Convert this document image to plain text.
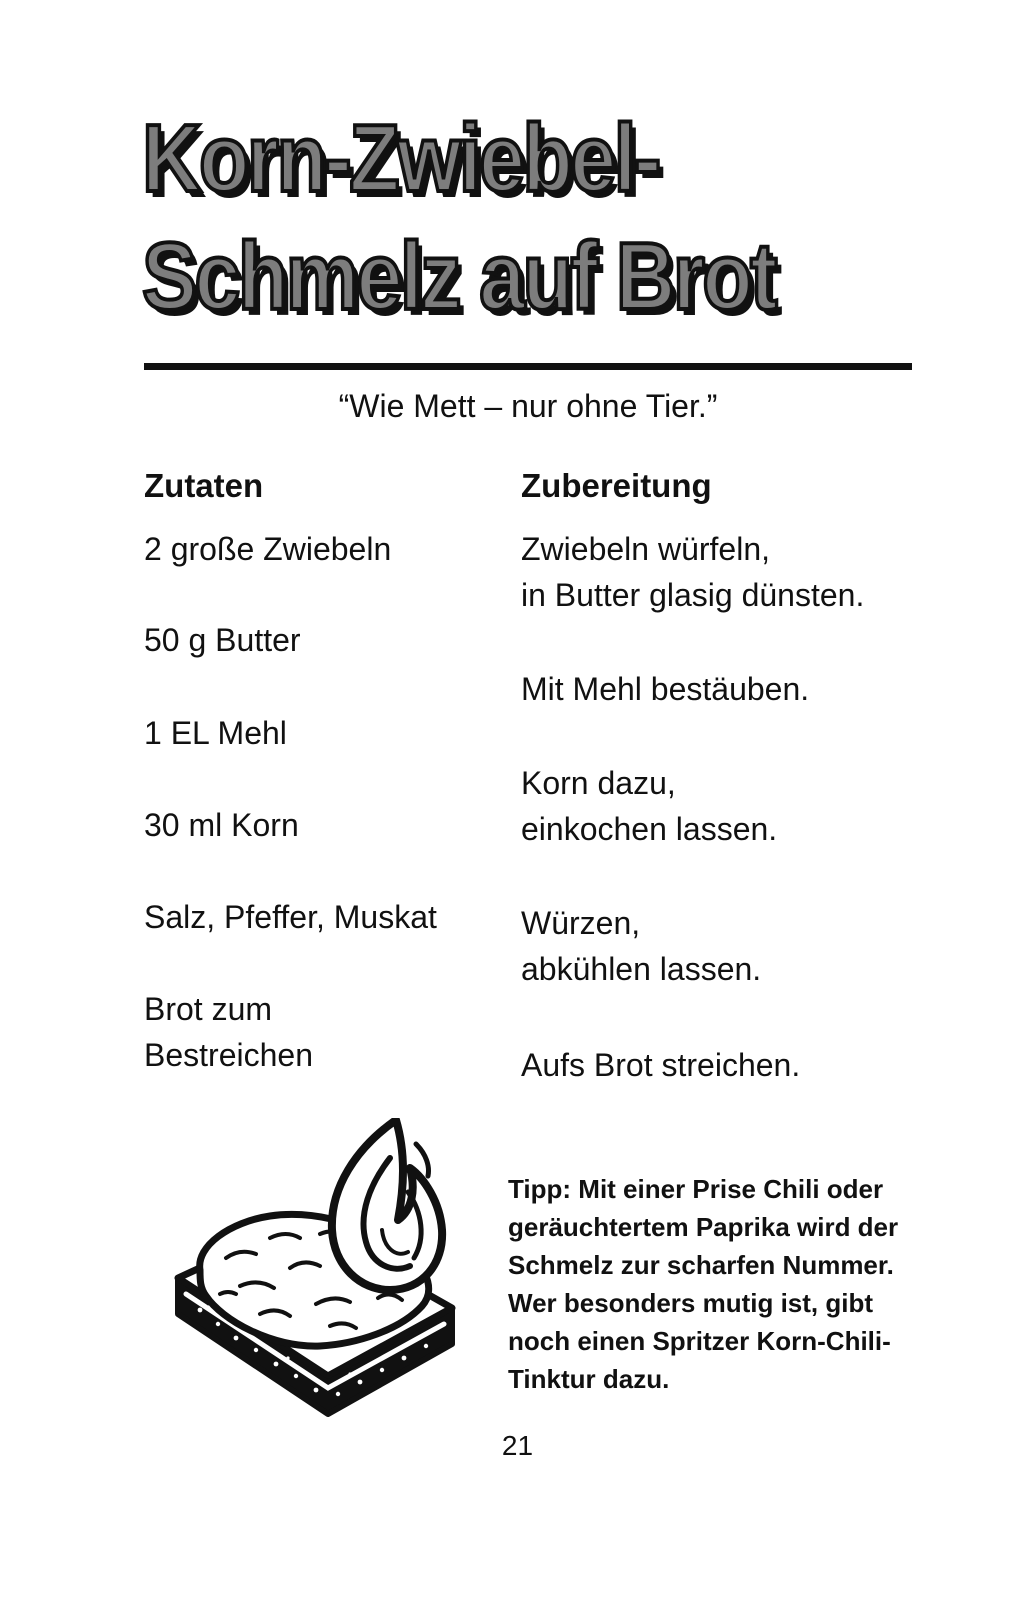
Korn-Zwiebel-
Schmelz auf Brot
“Wie Mett – nur ohne Tier.”
Zutaten
2 große Zwiebeln
50 g Butter
1 EL Mehl
30 ml Korn
Salz, Pfeffer, Muskat
Brot zum
Bestreichen
Zubereitung
Zwiebeln würfeln,
in Butter glasig dünsten.
Mit Mehl bestäuben.
Korn dazu,
einkochen lassen.
Würzen,
abkühlen lassen.
Aufs Brot streichen.
Tipp: Mit einer Prise Chili oder geräuchtertem Paprika wird der Schmelz zur scharfen Nummer. Wer besonders mutig ist, gibt noch einen Spritzer Korn-Chili-Tinktur dazu.
21
